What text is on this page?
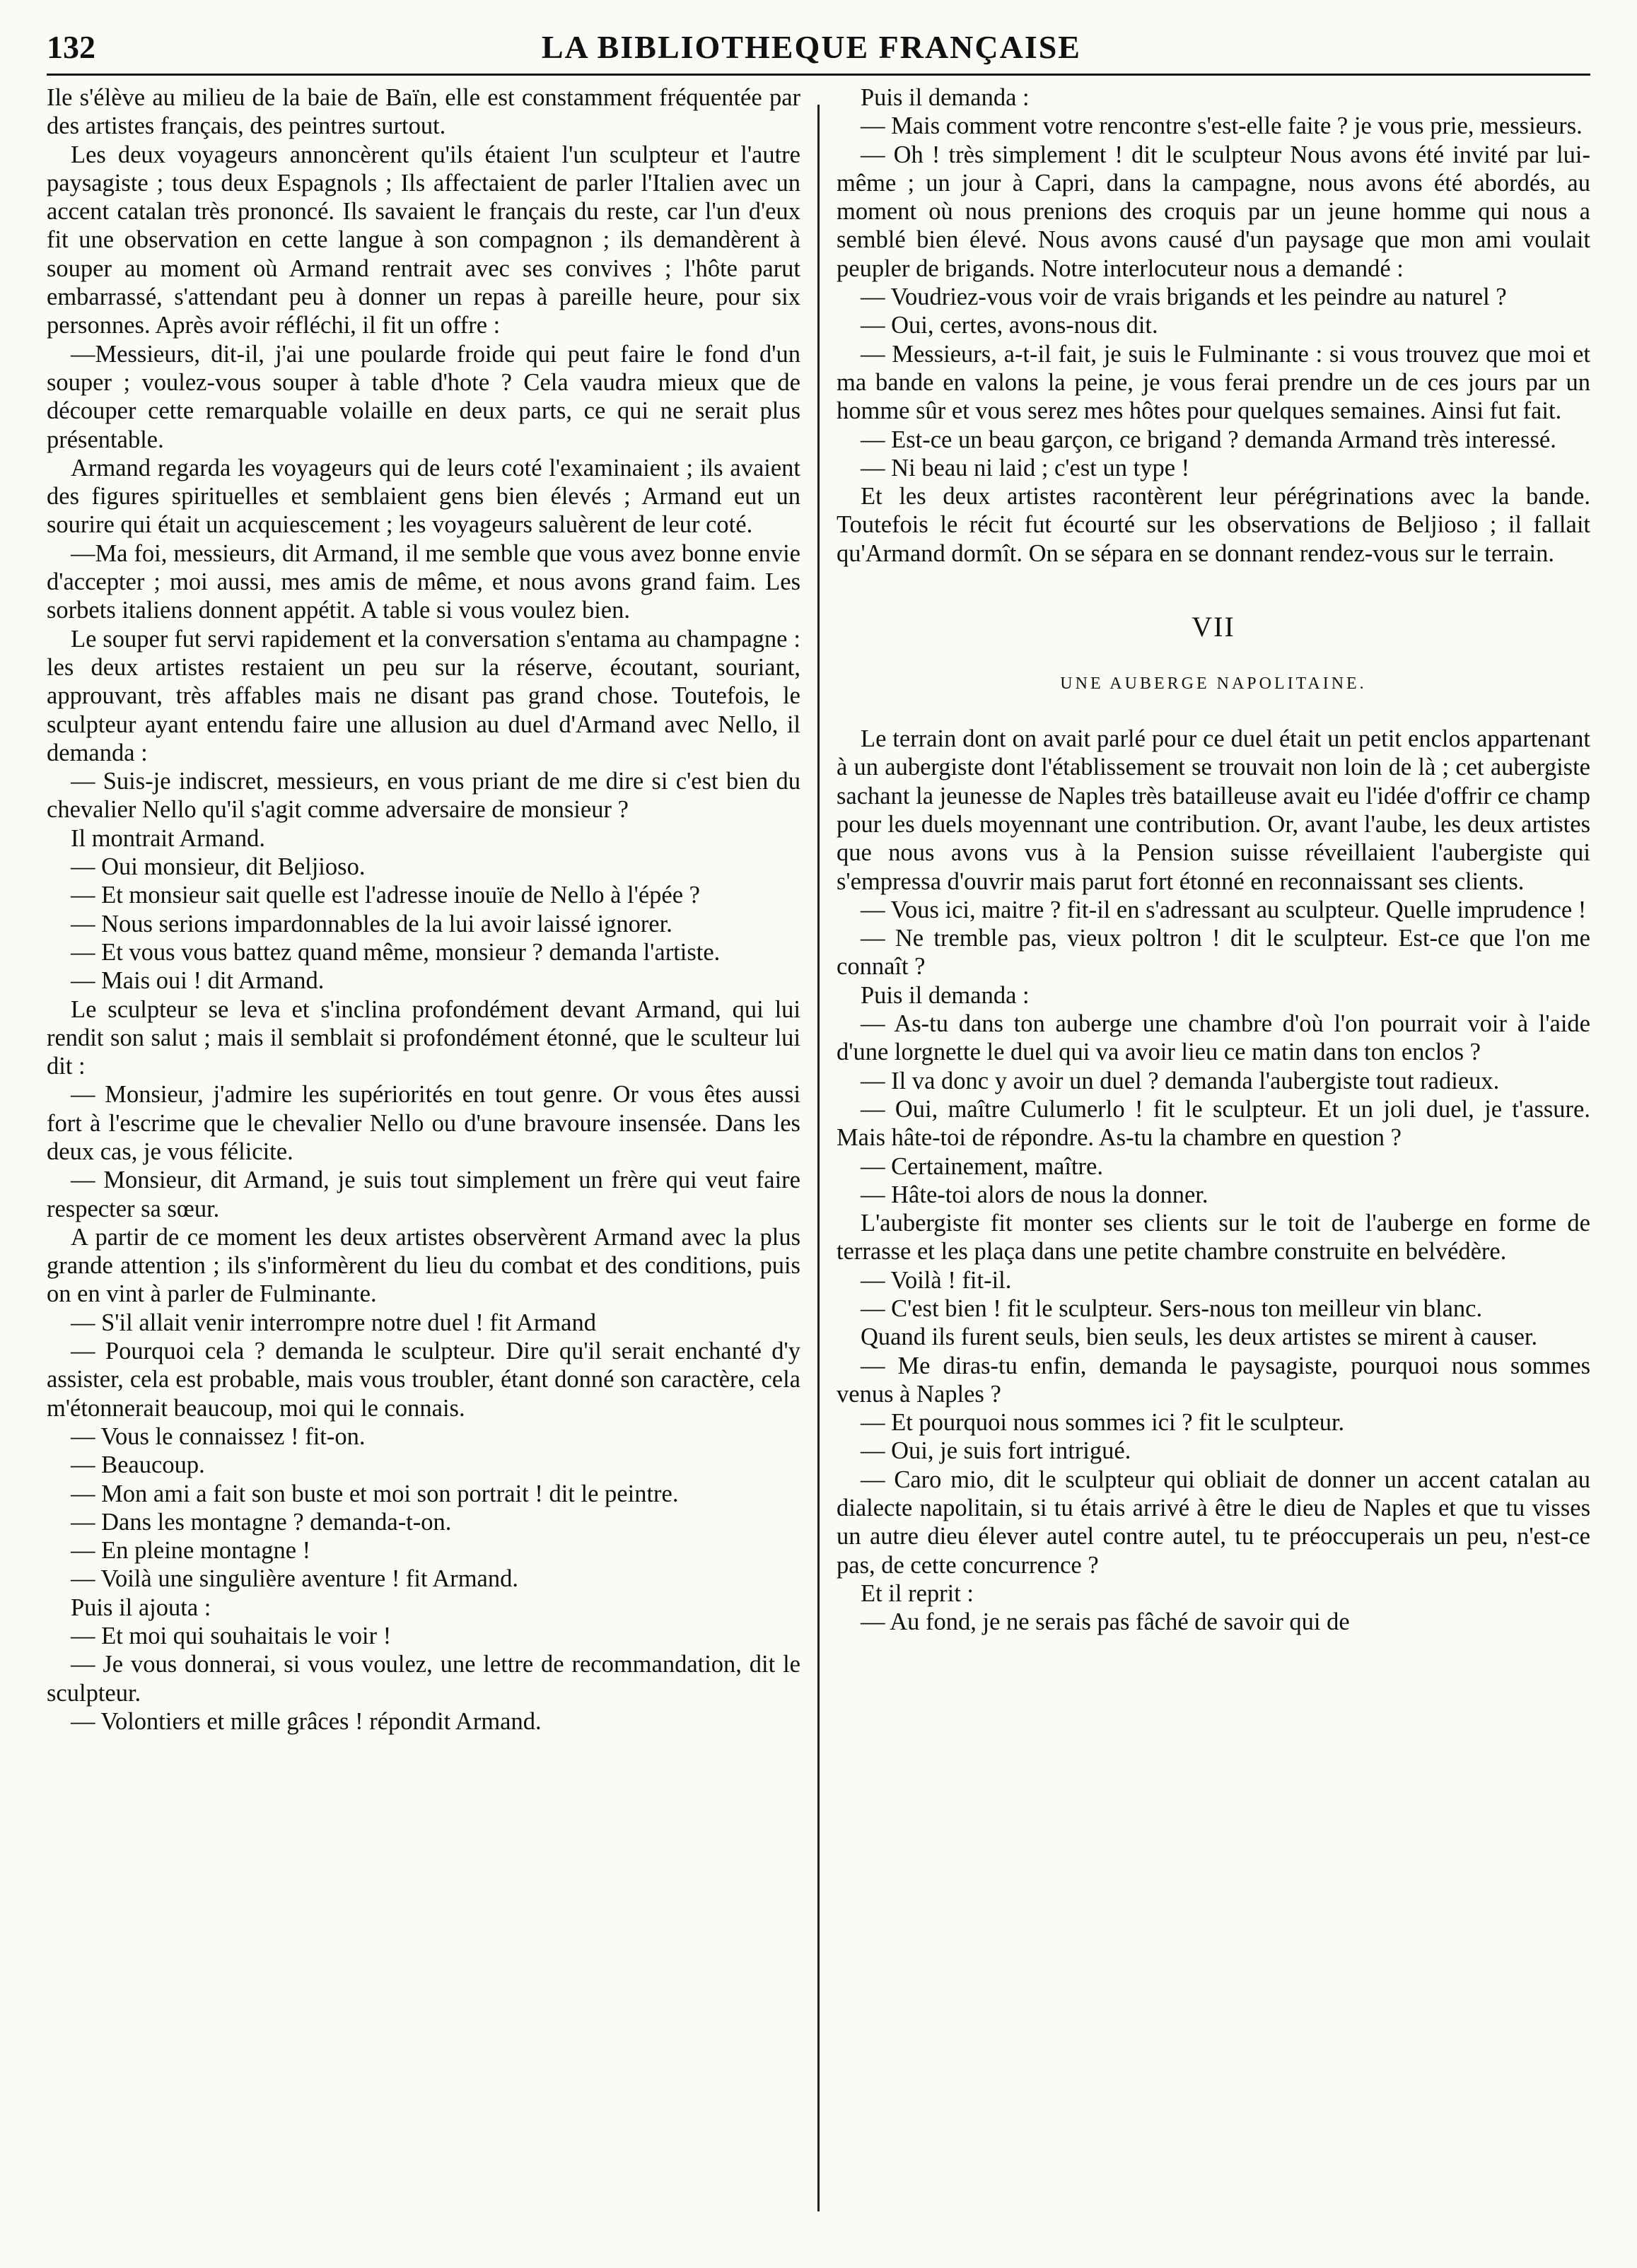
132	LA BIBLIOTHEQUE FRANÇAISE

Ile s'élève au milieu de la baie de Baïn, elle est constamment fréquentée par des artistes français, des peintres surtout.

Les deux voyageurs annoncèrent qu'ils étaient l'un sculpteur et l'autre paysagiste ; tous deux Espagnols ; Ils affectaient de parler l'Italien avec un accent catalan très prononcé. Ils savaient le français du reste, car l'un d'eux fit une observation en cette langue à son compagnon ; ils demandèrent à souper au moment où Armand rentrait avec ses convives ; l'hôte parut embarrassé, s'attendant peu à donner un repas à pareille heure, pour six personnes. Après avoir réfléchi, il fit un offre :

—Messieurs, dit-il, j'ai une poularde froide qui peut faire le fond d'un souper ; voulez-vous souper à table d'hote ? Cela vaudra mieux que de découper cette remarquable volaille en deux parts, ce qui ne serait plus présentable.

Armand regarda les voyageurs qui de leurs coté l'examinaient ; ils avaient des figures spirituelles et semblaient gens bien élevés ; Armand eut un sourire qui était un acquiescement ; les voyageurs saluèrent de leur coté.

—Ma foi, messieurs, dit Armand, il me semble que vous avez bonne envie d'accepter ; moi aussi, mes amis de même, et nous avons grand faim. Les sorbets italiens donnent appétit. A table si vous voulez bien.

Le souper fut servi rapidement et la conversation s'entama au champagne : les deux artistes restaient un peu sur la réserve, écoutant, souriant, approuvant, très affables mais ne disant pas grand chose. Toutefois, le sculpteur ayant entendu faire une allusion au duel d'Armand avec Nello, il demanda :

— Suis-je indiscret, messieurs, en vous priant de me dire si c'est bien du chevalier Nello qu'il s'agit comme adversaire de monsieur ?

Il montrait Armand.

— Oui monsieur, dit Beljioso.

— Et monsieur sait quelle est l'adresse inouïe de Nello à l'épée ?

— Nous serions impardonnables de la lui avoir laissé ignorer.

— Et vous vous battez quand même, monsieur ? demanda l'artiste.

— Mais oui ! dit Armand.

Le sculpteur se leva et s'inclina profondément devant Armand, qui lui rendit son salut ; mais il semblait si profondément étonné, que le sculteur lui dit :

— Monsieur, j'admire les supériorités en tout genre. Or vous êtes aussi fort à l'escrime que le chevalier Nello ou d'une bravoure insensée. Dans les deux cas, je vous félicite.

— Monsieur, dit Armand, je suis tout simplement un frère qui veut faire respecter sa sœur.

A partir de ce moment les deux artistes observèrent Armand avec la plus grande attention ; ils s'informèrent du lieu du combat et des conditions, puis on en vint à parler de Fulminante.

— S'il allait venir interrompre notre duel ! fit Armand

— Pourquoi cela ? demanda le sculpteur. Dire qu'il serait enchanté d'y assister, cela est probable, mais vous troubler, étant donné son caractère, cela m'étonnerait beaucoup, moi qui le connais.

— Vous le connaissez ! fit-on.

— Beaucoup.

— Mon ami a fait son buste et moi son portrait ! dit le peintre.

— Dans les montagne ? demanda-t-on.

— En pleine montagne !

— Voilà une singulière aventure ! fit Armand.

Puis il ajouta :

— Et moi qui souhaitais le voir !

— Je vous donnerai, si vous voulez, une lettre de recommandation, dit le sculpteur.

— Volontiers et mille grâces ! répondit Armand.

Puis il demanda :

— Mais comment votre rencontre s'est-elle faite ? je vous prie, messieurs.

— Oh ! très simplement ! dit le sculpteur Nous avons été invité par lui-même ; un jour à Capri, dans la campagne, nous avons été abordés, au moment où nous prenions des croquis par un jeune homme qui nous a semblé bien élevé. Nous avons causé d'un paysage que mon ami voulait peupler de brigands. Notre interlocuteur nous a demandé :

— Voudriez-vous voir de vrais brigands et les peindre au naturel ?

— Oui, certes, avons-nous dit.

— Messieurs, a-t-il fait, je suis le Fulminante : si vous trouvez que moi et ma bande en valons la peine, je vous ferai prendre un de ces jours par un homme sûr et vous serez mes hôtes pour quelques semaines. Ainsi fut fait.

— Est-ce un beau garçon, ce brigand ? demanda Armand très interessé.

— Ni beau ni laid ; c'est un type !

Et les deux artistes racontèrent leur pérégrinations avec la bande. Toutefois le récit fut écourté sur les observations de Beljioso ; il fallait qu'Armand dormît. On se sépara en se donnant rendez-vous sur le terrain.

VII
UNE AUBERGE NAPOLITAINE.

Le terrain dont on avait parlé pour ce duel était un petit enclos appartenant à un aubergiste dont l'établissement se trouvait non loin de là ; cet aubergiste sachant la jeunesse de Naples très batailleuse avait eu l'idée d'offrir ce champ pour les duels moyennant une contribution. Or, avant l'aube, les deux artistes que nous avons vus à la Pension suisse réveillaient l'aubergiste qui s'empressa d'ouvrir mais parut fort étonné en reconnaissant ses clients.

— Vous ici, maitre ? fit-il en s'adressant au sculpteur. Quelle imprudence !

— Ne tremble pas, vieux poltron ! dit le sculpteur. Est-ce que l'on me connaît ?

Puis il demanda :

— As-tu dans ton auberge une chambre d'où l'on pourrait voir à l'aide d'une lorgnette le duel qui va avoir lieu ce matin dans ton enclos ?

— Il va donc y avoir un duel ? demanda l'aubergiste tout radieux.

— Oui, maître Culumerlo ! fit le sculpteur. Et un joli duel, je t'assure. Mais hâte-toi de répondre. As-tu la chambre en question ?

— Certainement, maître.

— Hâte-toi alors de nous la donner.

L'aubergiste fit monter ses clients sur le toit de l'auberge en forme de terrasse et les plaça dans une petite chambre construite en belvédère.

— Voilà ! fit-il.

— C'est bien ! fit le sculpteur. Sers-nous ton meilleur vin blanc.

Quand ils furent seuls, bien seuls, les deux artistes se mirent à causer.

— Me diras-tu enfin, demanda le paysagiste, pourquoi nous sommes venus à Naples ?

— Et pourquoi nous sommes ici ? fit le sculpteur.

— Oui, je suis fort intrigué.

— Caro mio, dit le sculpteur qui obliait de donner un accent catalan au dialecte napolitain, si tu étais arrivé à être le dieu de Naples et que tu visses un autre dieu élever autel contre autel, tu te préoccuperais un peu, n'est-ce pas, de cette concurrence ?

Et il reprit :

— Au fond, je ne serais pas fâché de savoir qui de
